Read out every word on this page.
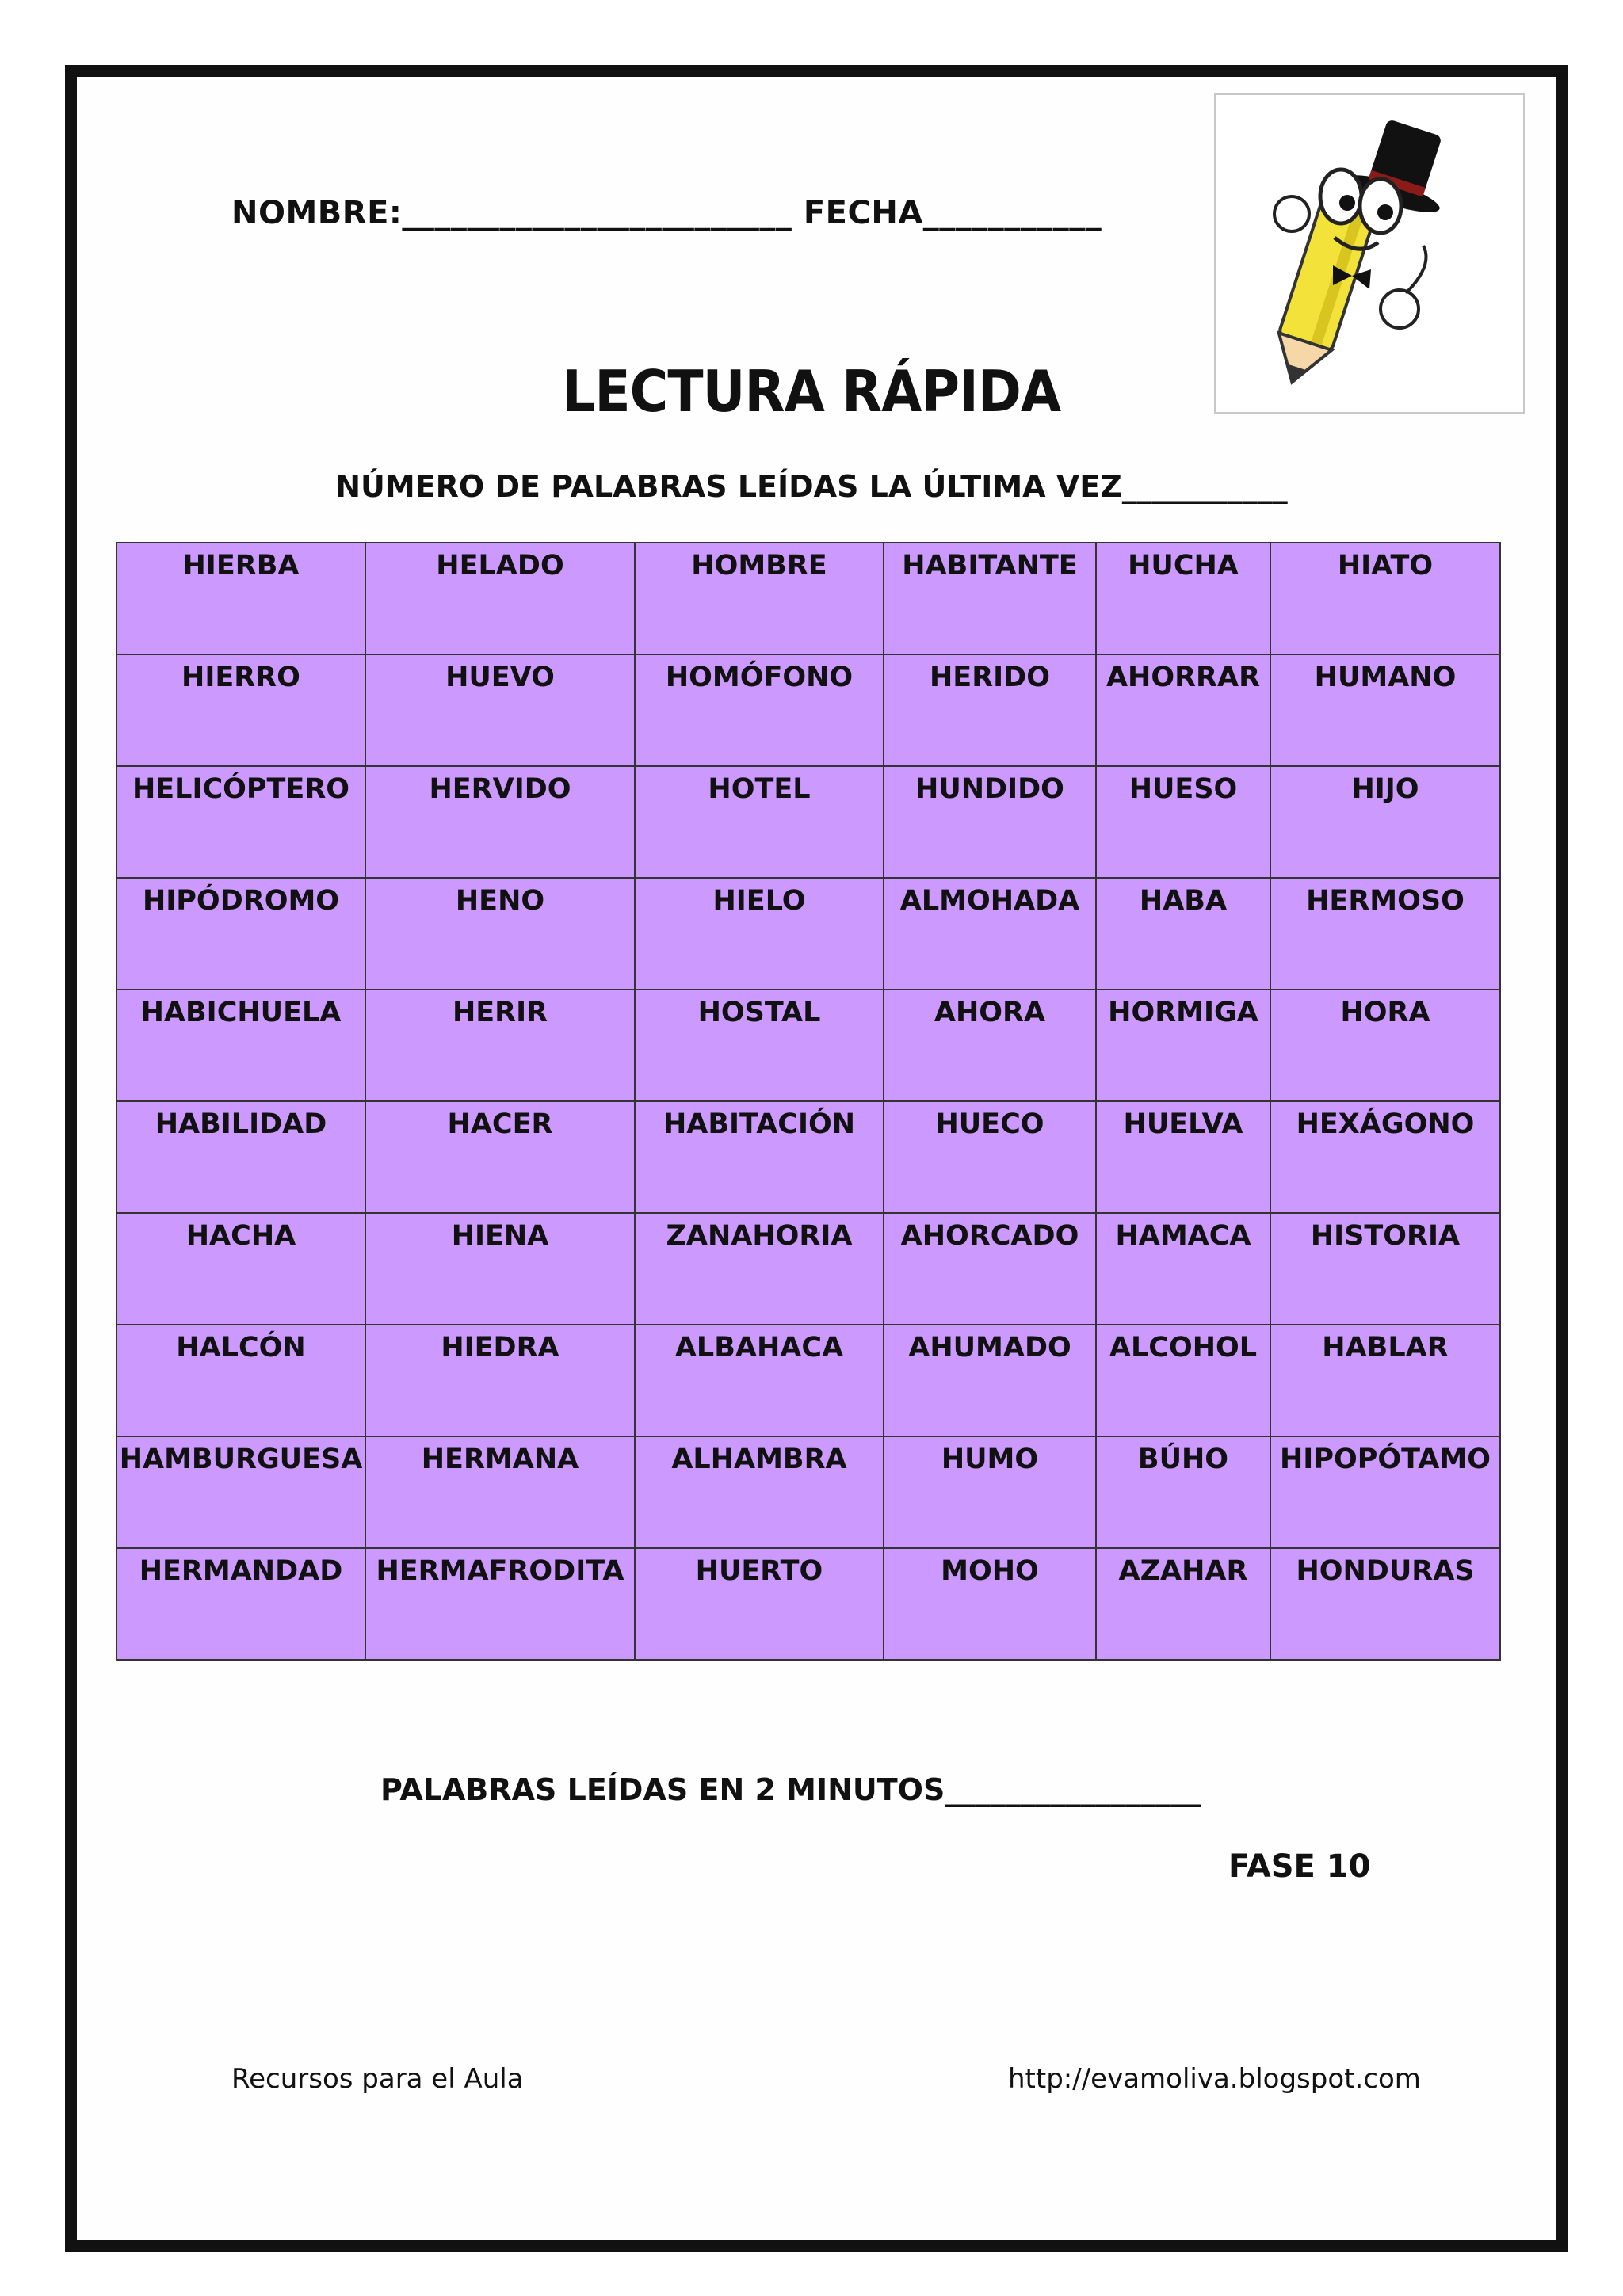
NOMBRE:________________________ FECHA___________
LECTURA RÁPIDA
NÚMERO DE PALABRAS LEÍDAS LA ÚLTIMA VEZ___________
HIERBA	HELADO	HOMBRE	HABITANTE	HUCHA	HIATO
HIERRO	HUEVO	HOMÓFONO	HERIDO	AHORRAR	HUMANO
HELICÓPTERO	HERVIDO	HOTEL	HUNDIDO	HUESO	HIJO
HIPÓDROMO	HENO	HIELO	ALMOHADA	HABA	HERMOSO
HABICHUELA	HERIR	HOSTAL	AHORA	HORMIGA	HORA
HABILIDAD	HACER	HABITACIÓN	HUECO	HUELVA	HEXÁGONO
HACHA	HIENA	ZANAHORIA	AHORCADO	HAMACA	HISTORIA
HALCÓN	HIEDRA	ALBAHACA	AHUMADO	ALCOHOL	HABLAR
HAMBURGUESA	HERMANA	ALHAMBRA	HUMO	BÚHO	HIPOPÓTAMO
HERMANDAD	HERMAFRODITA	HUERTO	MOHO	AZAHAR	HONDURAS
PALABRAS LEÍDAS EN 2 MINUTOS_________________
FASE 10
Recursos para el Aula	http://evamoliva.blogspot.com
